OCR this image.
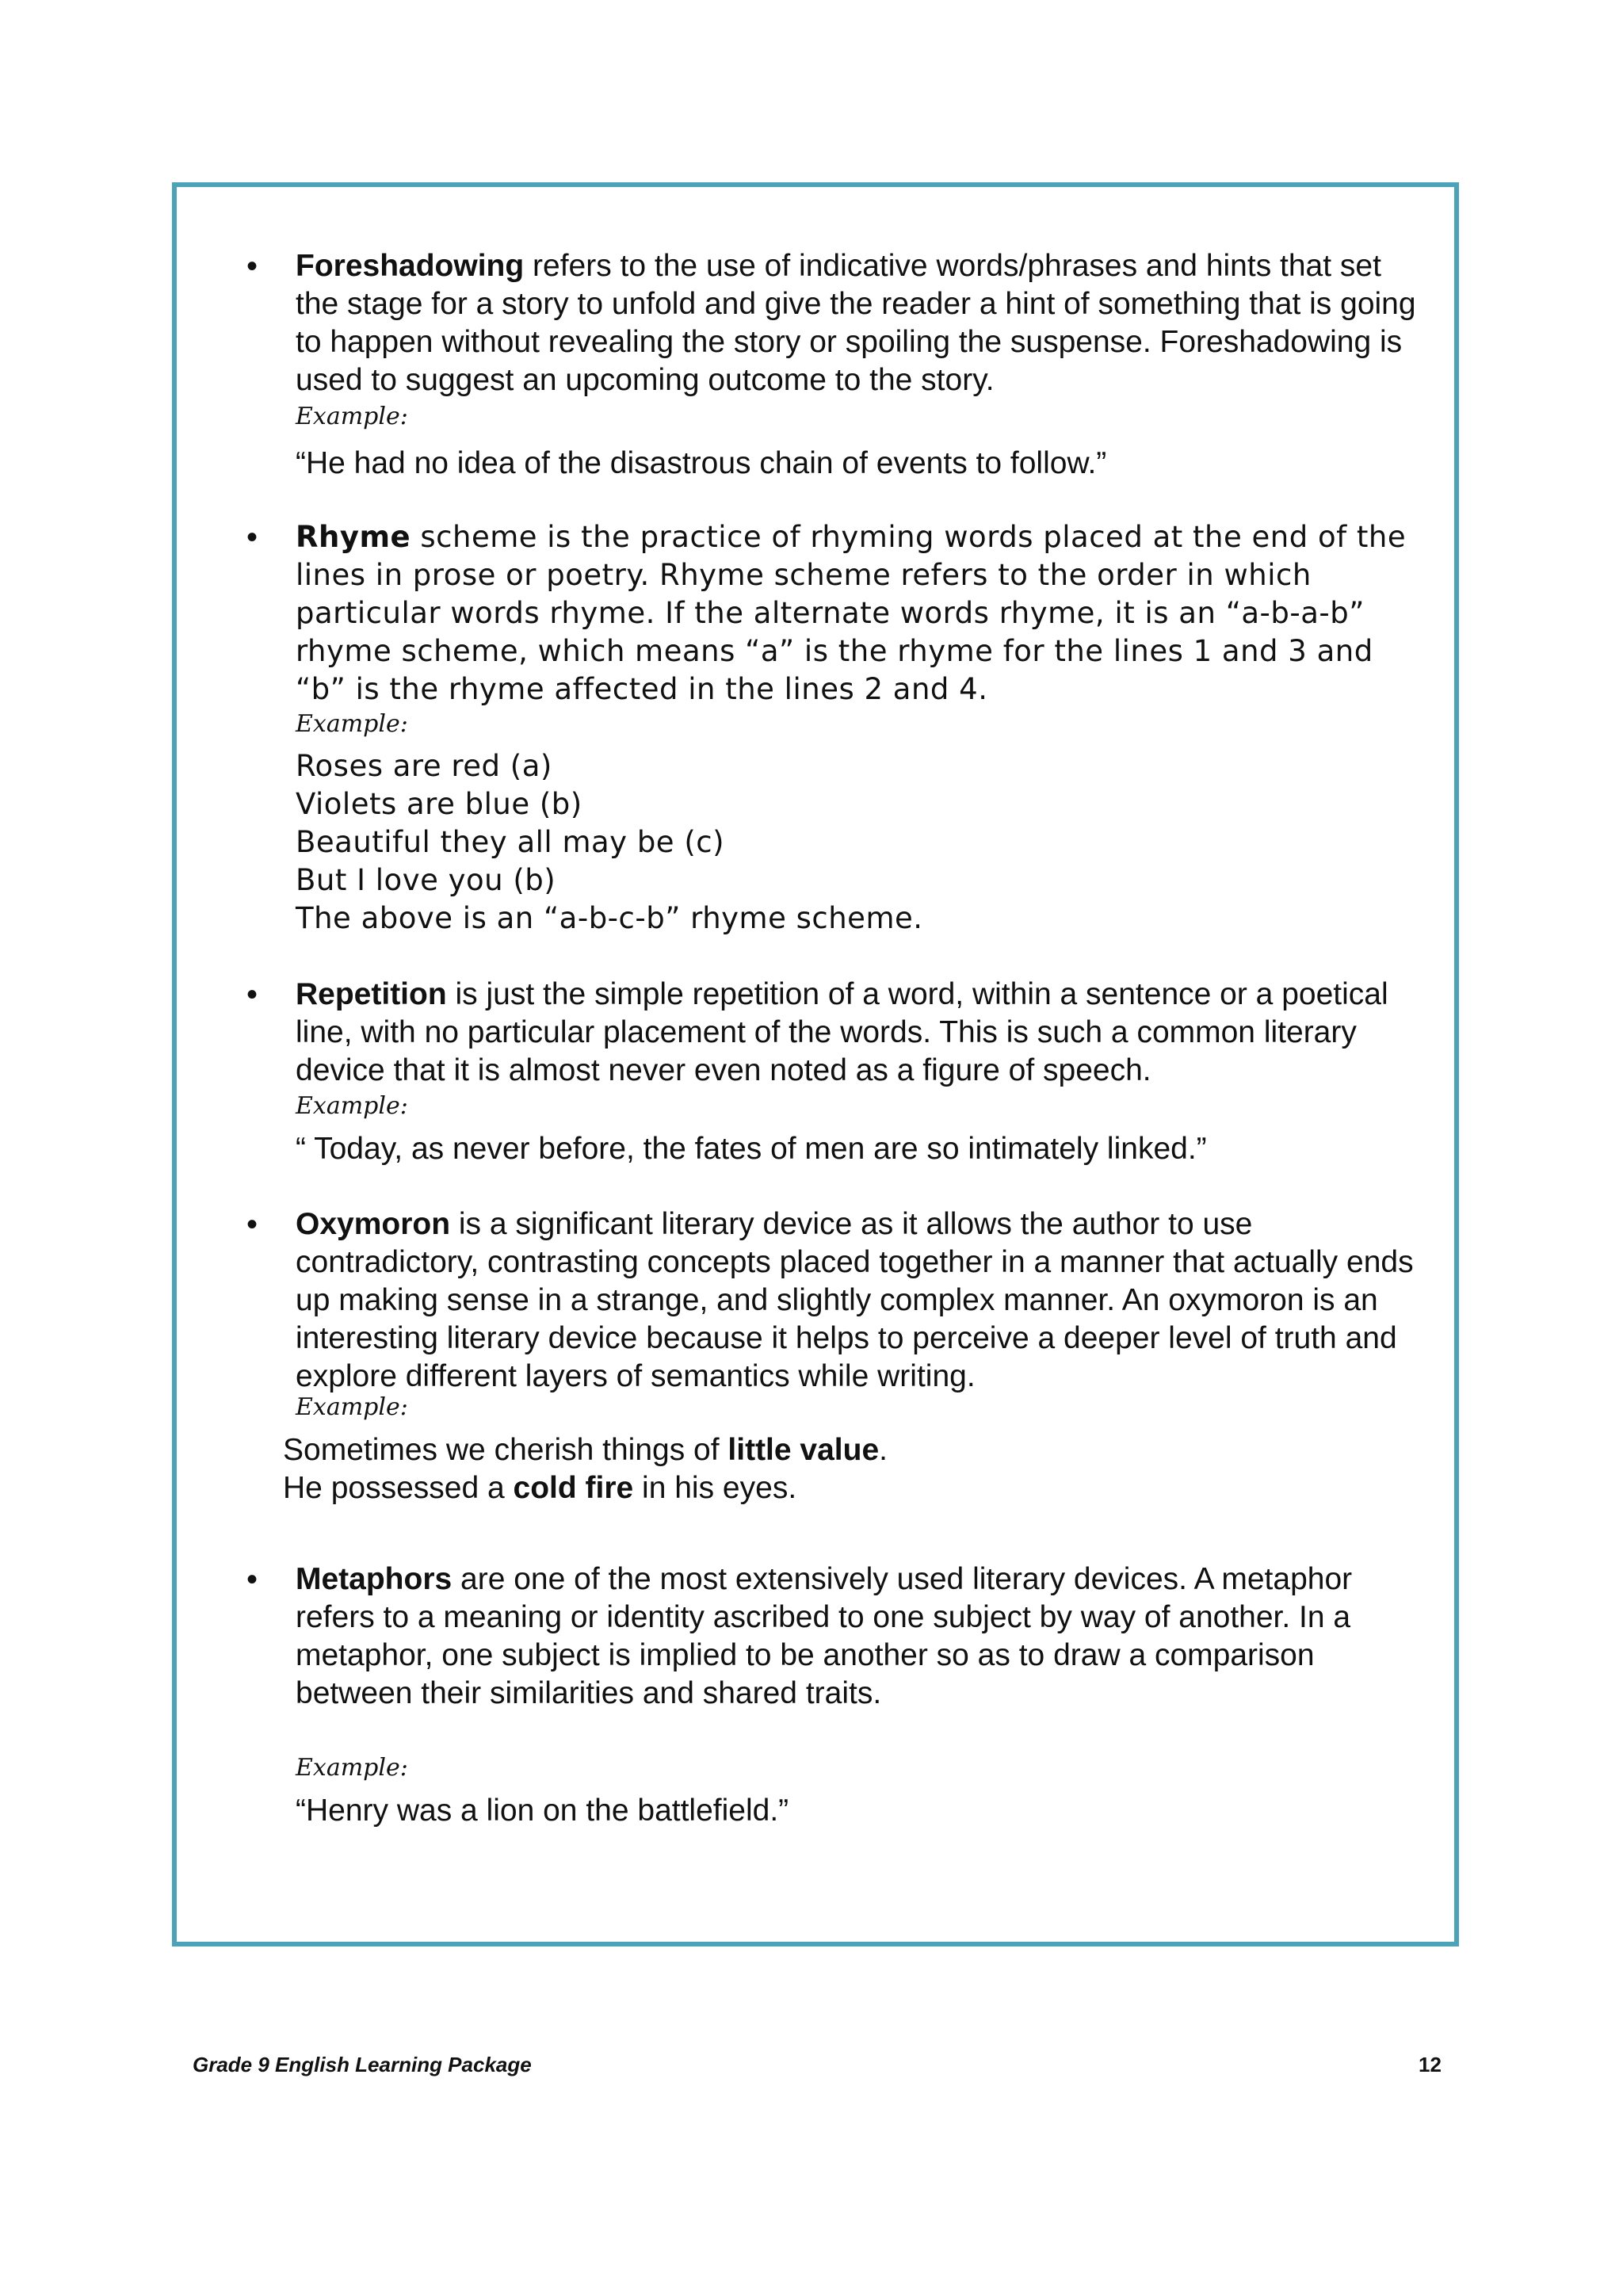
• Foreshadowing refers to the use of indicative words/phrases and hints that set the stage for a story to unfold and give the reader a hint of something that is going to happen without revealing the story or spoiling the suspense. Foreshadowing is used to suggest an upcoming outcome to the story.
Example:
“He had no idea of the disastrous chain of events to follow.”
• Rhyme scheme is the practice of rhyming words placed at the end of the lines in prose or poetry. Rhyme scheme refers to the order in which particular words rhyme. If the alternate words rhyme, it is an “a-b-a-b” rhyme scheme, which means “a” is the rhyme for the lines 1 and 3 and “b” is the rhyme affected in the lines 2 and 4.
Example:
Roses are red (a)
Violets are blue (b)
Beautiful they all may be (c)
But I love you (b)
The above is an “a-b-c-b” rhyme scheme.
• Repetition is just the simple repetition of a word, within a sentence or a poetical line, with no particular placement of the words. This is such a common literary device that it is almost never even noted as a figure of speech.
Example:
“ Today, as never before, the fates of men are so intimately linked.”
• Oxymoron is a significant literary device as it allows the author to use contradictory, contrasting concepts placed together in a manner that actually ends up making sense in a strange, and slightly complex manner. An oxymoron is an interesting literary device because it helps to perceive a deeper level of truth and explore different layers of semantics while writing.
Example:
Sometimes we cherish things of little value.
He possessed a cold fire in his eyes.
• Metaphors are one of the most extensively used literary devices. A metaphor refers to a meaning or identity ascribed to one subject by way of another. In a metaphor, one subject is implied to be another so as to draw a comparison between their similarities and shared traits.
Example:
“Henry was a lion on the battlefield.”
Grade 9 English Learning Package	12
